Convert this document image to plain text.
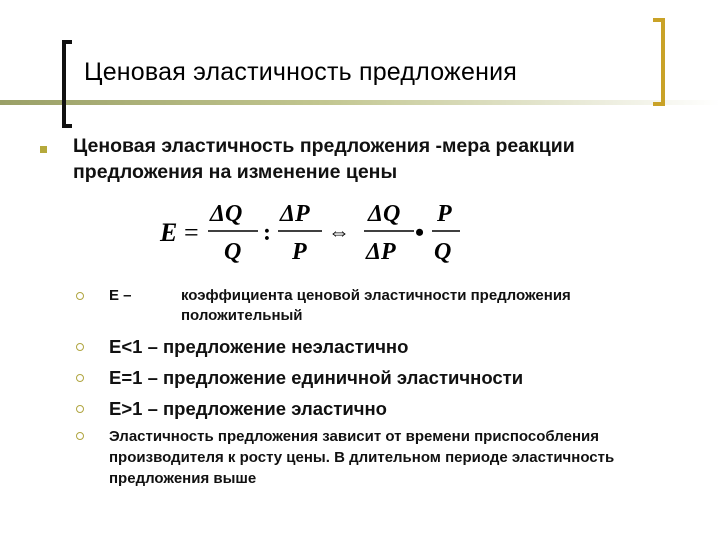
Ценовая эластичность предложения
Ценовая эластичность предложения -мера реакции предложения на изменение цены
E =
ΔQ
Q
:
ΔP
P
⇔
ΔQ
ΔP
•
P
Q
Е –	коэффициента ценовой эластичности предложения
положительный
E<1 – предложение неэластично
E=1 – предложение единичной эластичности
E>1 – предложение эластично
Эластичность предложения зависит от времени приспособления производителя к росту цены. В длительном периоде эластичность предложения выше
